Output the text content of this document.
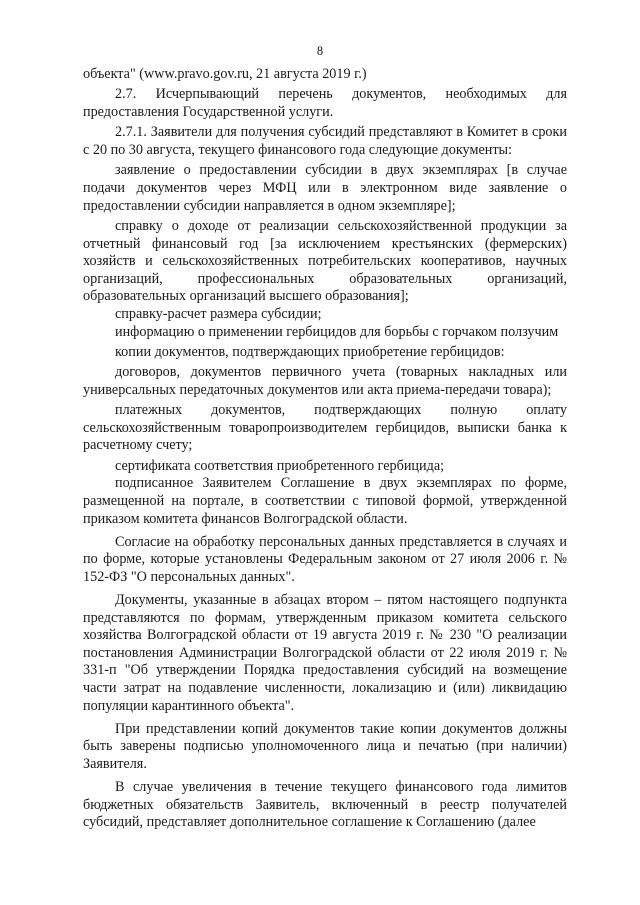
8

объекта" (www.pravo.gov.ru, 21 августа 2019 г.)

2.7. Исчерпывающий перечень документов, необходимых для предоставления Государственной услуги.

2.7.1. Заявители для получения субсидий представляют в Комитет в сроки с 20 по 30 августа, текущего финансового года следующие документы:

заявление о предоставлении субсидии в двух экземплярах [в случае подачи документов через МФЦ или в электронном виде заявление о предоставлении субсидии направляется в одном экземпляре];

справку о доходе от реализации сельскохозяйственной продукции за отчетный финансовый год [за исключением крестьянских (фермерских) хозяйств и сельскохозяйственных потребительских кооперативов, научных организаций, профессиональных образовательных организаций, образовательных организаций высшего образования];

справку-расчет размера субсидии;

информацию о применении гербицидов для борьбы с горчаком ползучим

копии документов, подтверждающих приобретение гербицидов:

договоров, документов первичного учета (товарных накладных или универсальных передаточных документов или акта приема-передачи товара);

платежных документов, подтверждающих полную оплату сельскохозяйственным товаропроизводителем гербицидов, выписки банка к расчетному счету;

сертификата соответствия приобретенного гербицида;

подписанное Заявителем Соглашение в двух экземплярах по форме, размещенной на портале, в соответствии с типовой формой, утвержденной приказом комитета финансов Волгоградской области.

Согласие на обработку персональных данных представляется в случаях и по форме, которые установлены Федеральным законом от 27 июля 2006 г. № 152-ФЗ "О персональных данных".

Документы, указанные в абзацах втором – пятом настоящего подпункта представляются по формам, утвержденным приказом комитета сельского хозяйства Волгоградской области от 19 августа 2019 г. № 230 "О реализации постановления Администрации Волгоградской области от 22 июля 2019 г. № 331-п "Об утверждении Порядка предоставления субсидий на возмещение части затрат на подавление численности, локализацию и (или) ликвидацию популяции карантинного объекта".

При представлении копий документов такие копии документов должны быть заверены подписью уполномоченного лица и печатью (при наличии) Заявителя.

В случае увеличения в течение текущего финансового года лимитов бюджетных обязательств Заявитель, включенный в реестр получателей субсидий, представляет дополнительное соглашение к Соглашению (далее
